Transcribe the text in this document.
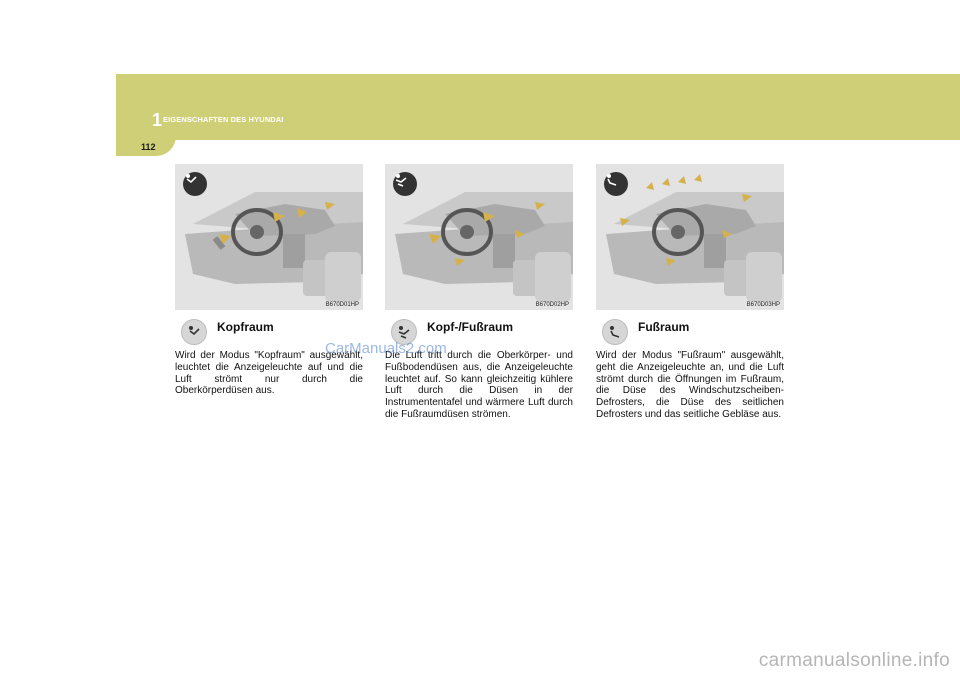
1 EIGENSCHAFTEN DES HYUNDAI
112
B670D01HP
Kopfraum

Wird der Modus "Kopfraum" ausgewählt, leuchtet die Anzeigeleuchte auf und die Luft strömt nur durch die Oberkörperdüsen aus.

B670D02HP
Kopf-/Fußraum

Die Luft tritt durch die Oberkörper- und Fußbodendüsen aus, die Anzeigeleuchte leuchtet auf. So kann gleichzeitig kühlere Luft durch die Düsen in der Instrumententafel und wärmere Luft durch die Fußraumdüsen strömen.

B670D03HP
Fußraum

Wird der Modus "Fußraum" ausgewählt, geht die Anzeigeleuchte an, und die Luft strömt durch die Öffnungen im Fußraum, die Düse des Windschutzscheiben-Defrosters, die Düse des seitlichen Defrosters und das seitliche Gebläse aus.

CarManuals2.com
carmanualsonline.info
